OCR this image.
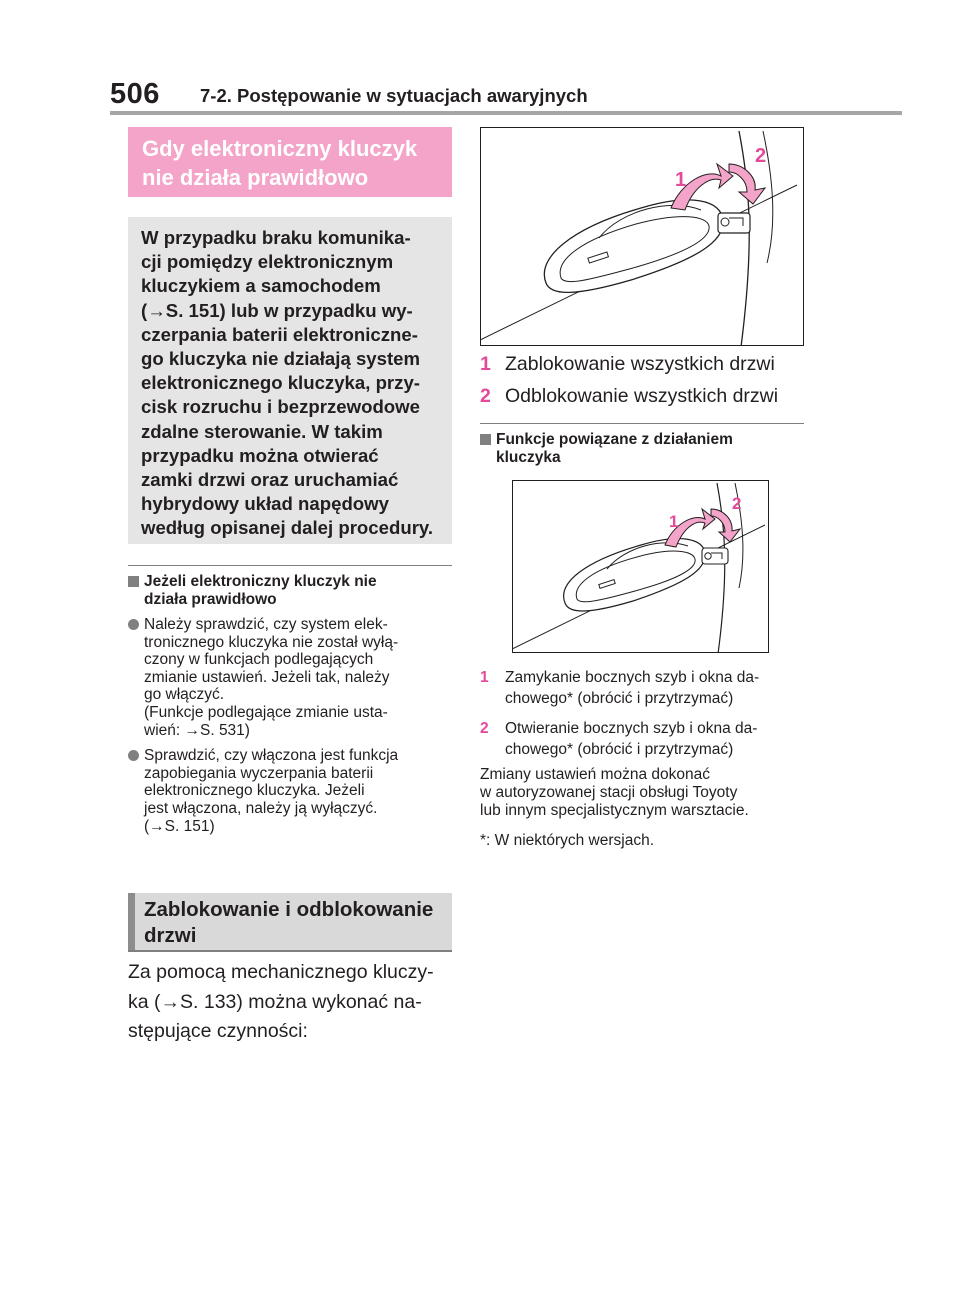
506 7-2. Postępowanie w sytuacjach awaryjnych
Gdy elektroniczny kluczyk
nie działa prawidłowo
W przypadku braku komunika-
cji pomiędzy elektronicznym
kluczykiem a samochodem
(→S. 151) lub w przypadku wy-
czerpania baterii elektroniczne-
go kluczyka nie działają system
elektronicznego kluczyka, przy-
cisk rozruchu i bezprzewodowe
zdalne sterowanie. W takim
przypadku można otwierać
zamki drzwi oraz uruchamiać
hybrydowy układ napędowy
według opisanej dalej procedury.
Jeżeli elektroniczny kluczyk nie
działa prawidłowo
Należy sprawdzić, czy system elek-
tronicznego kluczyka nie został wyłą-
czony w funkcjach podlegających
zmianie ustawień. Jeżeli tak, należy
go włączyć.
(Funkcje podlegające zmianie usta-
wień: →S. 531)
Sprawdzić, czy włączona jest funkcja
zapobiegania wyczerpania baterii
elektronicznego kluczyka. Jeżeli
jest włączona, należy ją wyłączyć.
(→S. 151)
Zablokowanie i odblokowanie
drzwi
Za pomocą mechanicznego kluczy-
ka (→S. 133) można wykonać na-
stępujące czynności:
1
2
1 Zablokowanie wszystkich drzwi
2 Odblokowanie wszystkich drzwi
Funkcje powiązane z działaniem
kluczyka
1
2
1 Zamykanie bocznych szyb i okna da-
chowego* (obrócić i przytrzymać)
2 Otwieranie bocznych szyb i okna da-
chowego* (obrócić i przytrzymać)
Zmiany ustawień można dokonać
w autoryzowanej stacji obsługi Toyoty
lub innym specjalistycznym warsztacie.
*: W niektórych wersjach.
